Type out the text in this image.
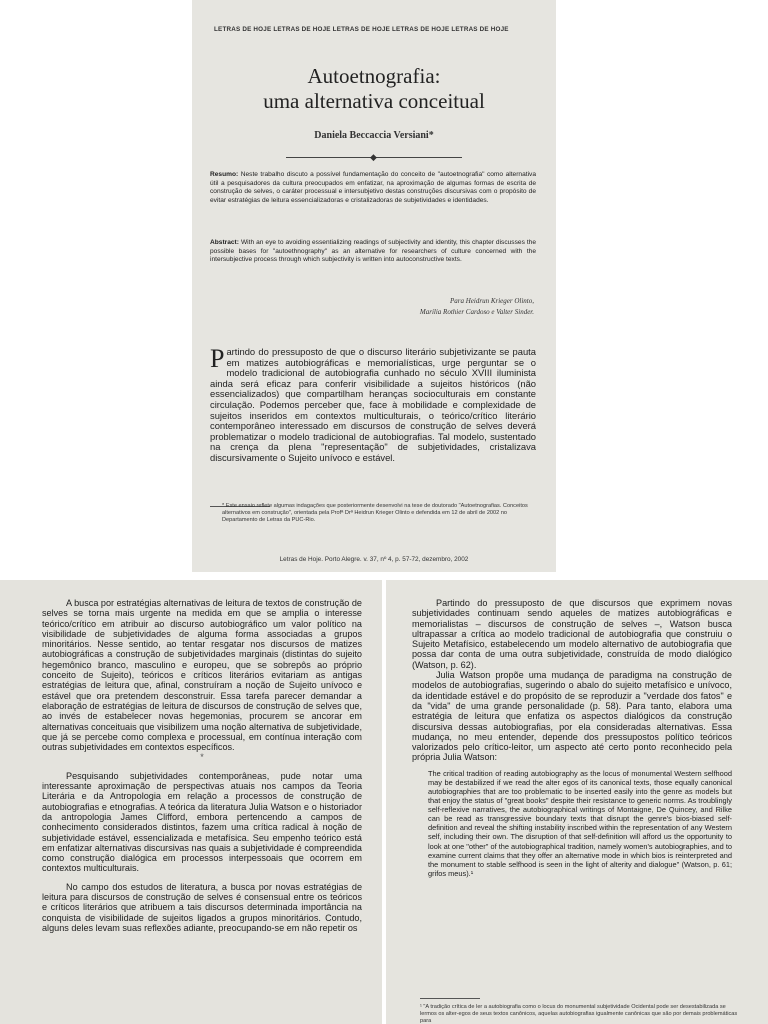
LETRAS DE HOJE LETRAS DE HOJE LETRAS DE HOJE LETRAS DE HOJE LETRAS DE HOJE
Autoetnografia:
uma alternativa conceitual
Daniela Beccaccia Versiani*
◆
Resumo: Neste trabalho discuto a possível fundamentação do conceito de "autoetnografia" como alternativa útil a pesquisadores da cultura preocupados em enfatizar, na aproximação de algumas formas de escrita de construção de selves, o caráter processual e intersubjetivo destas construções discursivas com o propósito de evitar estratégias de leitura essencializadoras e cristalizadoras de subjetividades e identidades.
Abstract: With an eye to avoiding essentializing readings of subjectivity and identity, this chapter discusses the possible bases for "autoethnography" as an alternative for researchers of culture concerned with the intersubjective process through which subjectivity is written into autoconstructive texts.
Para Heidrun Krieger Olinto,
Marília Rothier Cardoso e Valter Sinder.
P artindo do pressuposto de que o discurso literário subjetivizante se pauta em matizes autobiográficas e memorialísticas, urge perguntar se o modelo tradicional de autobiografia cunhado no século XVIII iluminista ainda será eficaz para conferir visibilidade a sujeitos históricos (não essencializados) que compartilham heranças socioculturais em constante circulação. Podemos perceber que, face à mobilidade e complexidade de sujeitos inseridos em contextos multiculturais, o teórico/crítico literário contemporâneo interessado em discursos de construção de selves deverá problematizar o modelo tradicional de autobiografias. Tal modelo, sustentado na crença da plena "representação" de subjetividades, cristalizava discursivamente o Sujeito unívoco e estável.
* Este ensaio reflete algumas indagações que posteriormente desenvolvi na tese de doutorado "Autoetnografias. Conceitos alternativos em construção", orientada pela Profª Drª Heidrun Krieger Olinto e defendida em 12 de abril de 2002 no Departamento de Letras da PUC-Rio.
Letras de Hoje. Porto Alegre. v. 37, nº 4, p. 57-72, dezembro, 2002

A busca por estratégias alternativas de leitura de textos de construção de selves se torna mais urgente na medida em que se amplia o interesse teórico/crítico em atribuir ao discurso autobiográfico um valor político na visibilidade de subjetividades de alguma forma associadas a grupos minoritários. Nesse sentido, ao tentar resgatar nos discursos de matizes autobiográficas a construção de subjetividades marginais (distintas do sujeito hegemônico branco, masculino e europeu, que se sobrepôs ao próprio conceito de Sujeito), teóricos e críticos literários evitariam as antigas estratégias de leitura que, afinal, construíram a noção de Sujeito unívoco e estável que ora pretendem desconstruir. Essa tarefa parecer demandar a elaboração de estratégias de leitura de discursos de construção de selves que, ao invés de estabelecer novas hegemonias, procurem se ancorar em alternativas conceituais que visibilizem uma noção alternativa de subjetividade, que já se percebe como complexa e processual, em contínua interação com outras subjetividades em contextos específicos.

*

Pesquisando subjetividades contemporâneas, pude notar uma interessante aproximação de perspectivas atuais nos campos da Teoria Literária e da Antropologia em relação a processos de construção de autobiografias e etnografias. A teórica da literatura Julia Watson e o historiador da antropologia James Clifford, embora pertencendo a campos de conhecimento considerados distintos, fazem uma crítica radical à noção de subjetividade estável, essencializada e metafísica. Seu empenho teórico está em enfatizar alternativas discursivas nas quais a subjetividade é compreendida como construção dialógica em processos interpessoais que ocorrem em contextos multiculturais.

No campo dos estudos de literatura, a busca por novas estratégias de leitura para discursos de construção de selves é consensual entre os teóricos e críticos literários que atribuem a tais discursos determinada importância na conquista de visibilidade de sujeitos ligados a grupos minoritários. Contudo, alguns deles levam suas reflexões adiante, preocupando-se em não repetir os

Partindo do pressuposto de que discursos que exprimem novas subjetividades continuam sendo aqueles de matizes autobiográficas e memorialistas – discursos de construção de selves –, Watson busca ultrapassar a crítica ao modelo tradicional de autobiografia que construiu o Sujeito Metafísico, estabelecendo um modelo alternativo de autobiografia que possa dar conta de uma outra subjetividade, construída de modo dialógico (Watson, p. 62).

Julia Watson propõe uma mudança de paradigma na construção de modelos de autobiografias, sugerindo o abalo do sujeito metafísico e unívoco, da identidade estável e do propósito de se reproduzir a "verdade dos fatos" e da "vida" de uma grande personalidade (p. 58). Para tanto, elabora uma estratégia de leitura que enfatiza os aspectos dialógicos da construção discursiva dessas autobiografias, por ela consideradas alternativas. Essa mudança, no meu entender, depende dos pressupostos político teóricos valorizados pelo crítico-leitor, um aspecto até certo ponto reconhecido pela própria Julia Watson:

The critical tradition of reading autobiography as the locus of monumental Western selfhood may be destabilized if we read the alter egos of its canonical texts, those equally canonical autobiographies that are too problematic to be inserted easily into the genre as models but that enjoy the status of "great books" despite their resistance to generic norms. As troublingly self-reflexive narratives, the autobiographical writings of Montaigne, De Quincey, and Rilke can be read as transgressive boundary texts that disrupt the genre's bios-biased self-definition and reveal the shifting instability inscribed within the representation of any Western self, including their own. The disruption of that self-definition will afford us the opportunity to look at one "other" of the autobiographical tradition, namely women's autobiographies, and to examine current claims that they offer an alternative mode in which bios is reinterpreted and the monument to stable selfhood is seen in the light of alterity and dialogue" (Watson, p. 61; grifos meus).¹
¹ "A tradição crítica de ler a autobiografia como o locus do monumental subjetividade Ocidental pode ser desestabilizada se lermos os alter-egos de seus textos canônicos, aquelas autobiografias igualmente canônicas que são por demais problemáticas para
